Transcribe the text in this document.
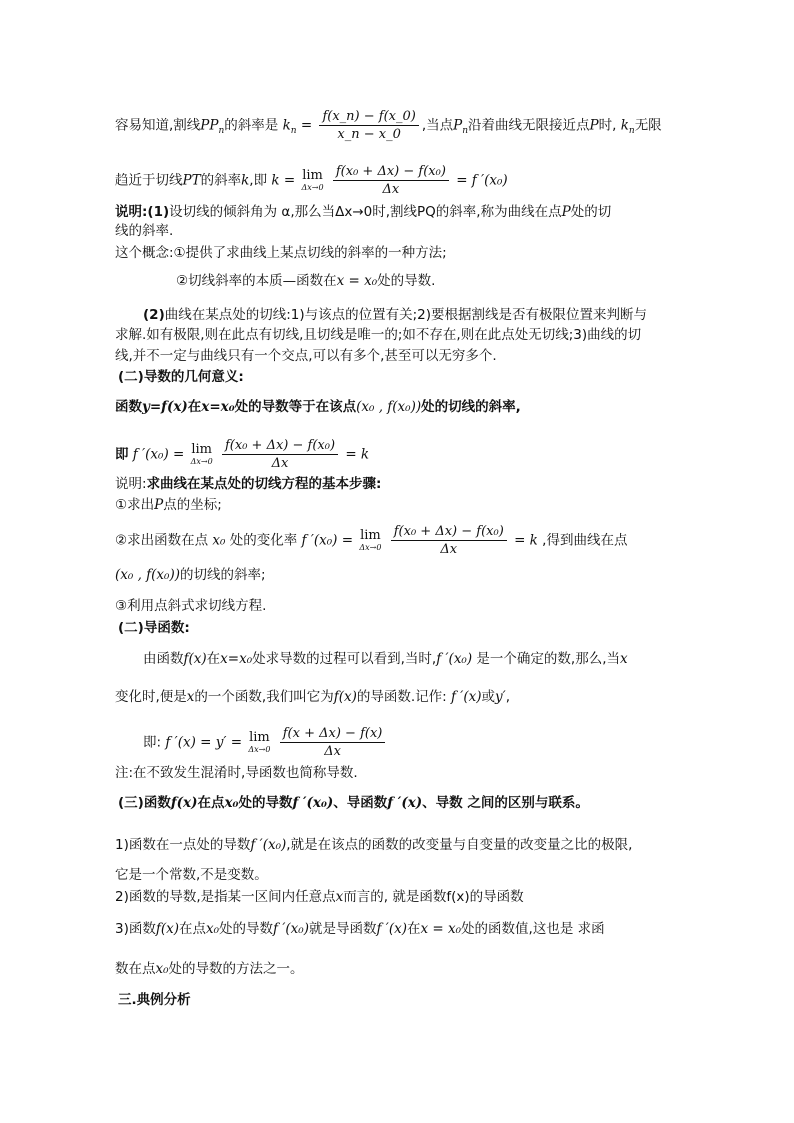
容易知道,割线$PP_n$的斜率是 $k_n = \frac{f(x\_n) - f(x\_0)}{x\_n - x\_0}$ ,当点$P_n$沿着曲线无限接近点P时, $k_n$无限
趋近于切线PT的斜率k,即 k = lim
Δx→0
$\frac{\text{f(x₀ + Δx) − f(x₀)}}{\Delta x} = f$ ′(x₀)
说明:(1)设切线的倾斜角为 α,那么当Δx→0时,割线PQ的斜率,称为曲线在点P处的切
线的斜率.
这个概念:①提供了求曲线上某点切线的斜率的一种方法;
②切线斜率的本质—函数在x = x₀处的导数.
(2)曲线在某点处的切线:1)与该点的位置有关;2)要根据割线是否有极限位置来判断与
求解.如有极限,则在此点有切线,且切线是唯一的;如不存在,则在此点处无切线;3)曲线的切
线,并不一定与曲线只有一个交点,可以有多个,甚至可以无穷多个.
(二)导数的几何意义:
函数y=f(x)在x=x₀处的导数等于在该点(x₀ , f(x₀))处的切线的斜率,
即 f ′(x₀) = lim
Δx→0
$\frac{\text{f(x₀ + Δx) − f(x₀)}}{\Delta x} = k$
说明:求曲线在某点处的切线方程的基本步骤:
①求出P点的坐标;
②求出函数在点 x₀ 处的变化率 f ′(x₀) = lim
Δx→0
$\frac{\text{f(x₀ + Δx) − f(x₀)}}{\Delta x} = k$ ,得到曲线在点
(x₀ , f(x₀))的切线的斜率;
③利用点斜式求切线方程.
(二)导函数:
由函数f(x)在x=x₀处求导数的过程可以看到,当时,f ′(x₀) 是一个确定的数,那么,当x
变化时,便是x的一个函数,我们叫它为f(x)的导函数.记作: f ′(x)或y′,
即: f ′(x) = y′ = lim
Δx→0
$\frac{f(x + \Delta x) - f(x)}{\Delta x}$
注:在不致发生混淆时,导函数也简称导数.
(三)函数f(x)在点x₀处的导数f ′(x₀)、导函数f ′(x)、导数 之间的区别与联系。
1)函数在一点处的导数f ′(x₀),就是在该点的函数的改变量与自变量的改变量之比的极限,
它是一个常数,不是变数。
2)函数的导数,是指某一区间内任意点x而言的, 就是函数f(x)的导函数
3)函数f(x)在点x₀处的导数f ′(x₀)就是导函数f ′(x)在x = x₀处的函数值,这也是 求函
数在点x₀处的导数的方法之一。
三.典例分析
